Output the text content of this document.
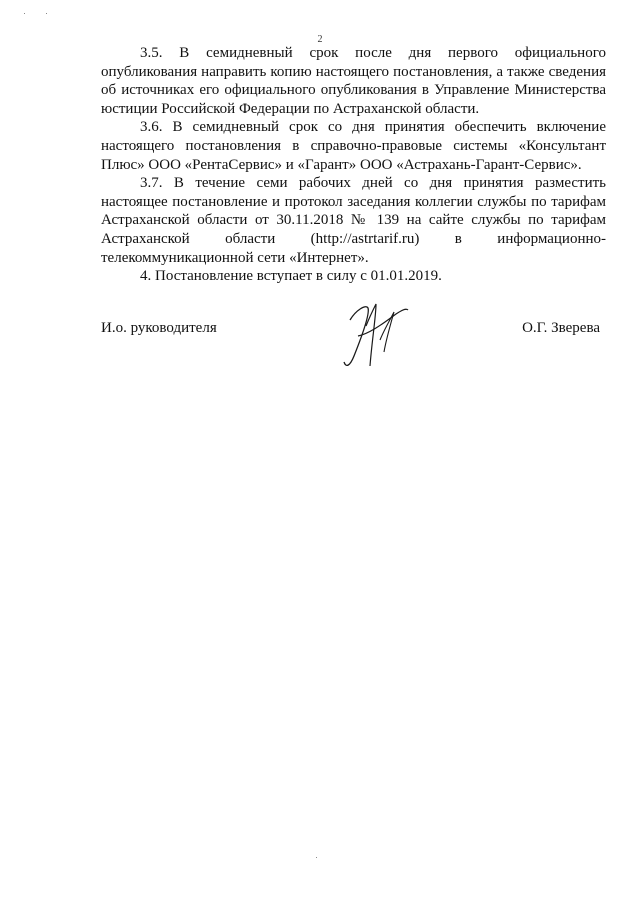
2

3.5. В семидневный срок после дня первого официального опубликования направить копию настоящего постановления, а также сведения об источниках его официального опубликования в Управление Министерства юстиции Российской Федерации по Астраханской области.

3.6. В семидневный срок со дня принятия обеспечить включение настоящего постановления в справочно-правовые системы «Консультант Плюс» ООО «РентаСервис» и «Гарант» ООО «Астрахань-Гарант-Сервис».

3.7. В течение семи рабочих дней со дня принятия разместить настоящее постановление и протокол заседания коллегии службы по тарифам Астраханской области от 30.11.2018 № 139 на сайте службы по тарифам Астраханской области (http://astrtarif.ru) в информационно-телекоммуникационной сети «Интернет».

4. Постановление вступает в силу с 01.01.2019.

И.о. руководителя	О.Г. Зверева
